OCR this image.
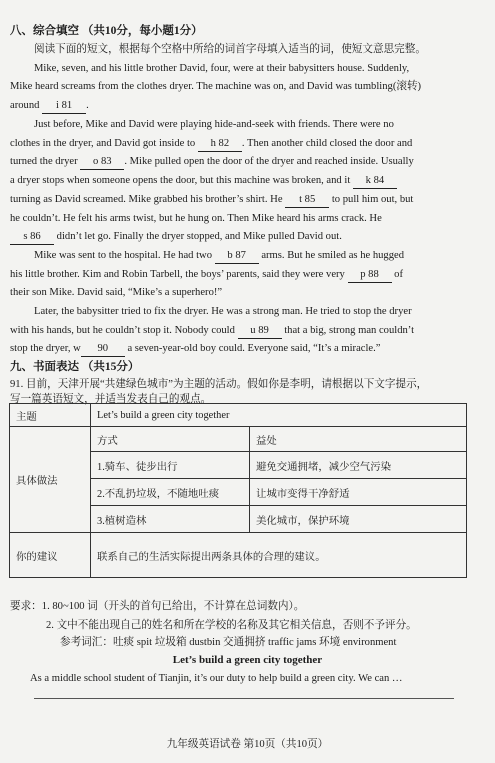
八、综合填空 （共10分，每小题1分）
阅读下面的短文，根据每个空格中所给的词首字母填入适当的词，使短文意思完整。
Mike, seven, and his little brother David, four, were at their babysitters house. Suddenly,
Mike heard screams from the clothes dryer. The machine was on, and David was tumbling(滚转)
around i 81 .
Just before, Mike and David were playing hide-and-seek with friends. There were no
clothes in the dryer, and David got inside to h 82 . Then another child closed the door and
turned the dryer o 83 . Mike pulled open the door of the dryer and reached inside. Usually
a dryer stops when someone opens the door, but this machine was broken, and it k 84
turning as David screamed. Mike grabbed his brother’s shirt. He t 85 to pull him out, but
he couldn’t. He felt his arms twist, but he hung on. Then Mike heard his arms crack. He
s 86 didn’t let go. Finally the dryer stopped, and Mike pulled David out.
Mike was sent to the hospital. He had two b 87 arms. But he smiled as he hugged
his little brother. Kim and Robin Tarbell, the boys’ parents, said they were very p 88 of
their son Mike. David said, “Mike’s a superhero!”
Later, the babysitter tried to fix the dryer. He was a strong man. He tried to stop the dryer
with his hands, but he couldn’t stop it. Nobody could u 89 that a big, strong man couldn’t
stop the dryer, w 90 a seven-year-old boy could. Everyone said, “It’s a miracle.”
九、书面表达 （共15分）
91. 目前，天津开展“共建绿色城市”为主题的活动。假如你是李明，请根据以下文字提示，
写一篇英语短文，并适当发表自己的观点。
主题	Let’s build a green city together	
具体做法	方式	益处
	1.骑车、徒步出行	避免交通拥堵，减少空气污染
	2.不乱扔垃圾，不随地吐痰	让城市变得干净舒适
	3.植树造林	美化城市，保护环境
你的建议	联系自己的生活实际提出两条具体的合理的建议。	
要求：1. 80~100 词（开头的首句已给出，不计算在总词数内）。
2. 文中不能出现自己的姓名和所在学校的名称及其它相关信息，否则不予评分。
参考词汇：吐痰 spit 垃圾箱 dustbin 交通拥挤 traffic jams 环境 environment
Let’s build a green city together
As a middle school student of Tianjin, it’s our duty to help build a green city. We can …
九年级英语试卷 第10页（共10页）
